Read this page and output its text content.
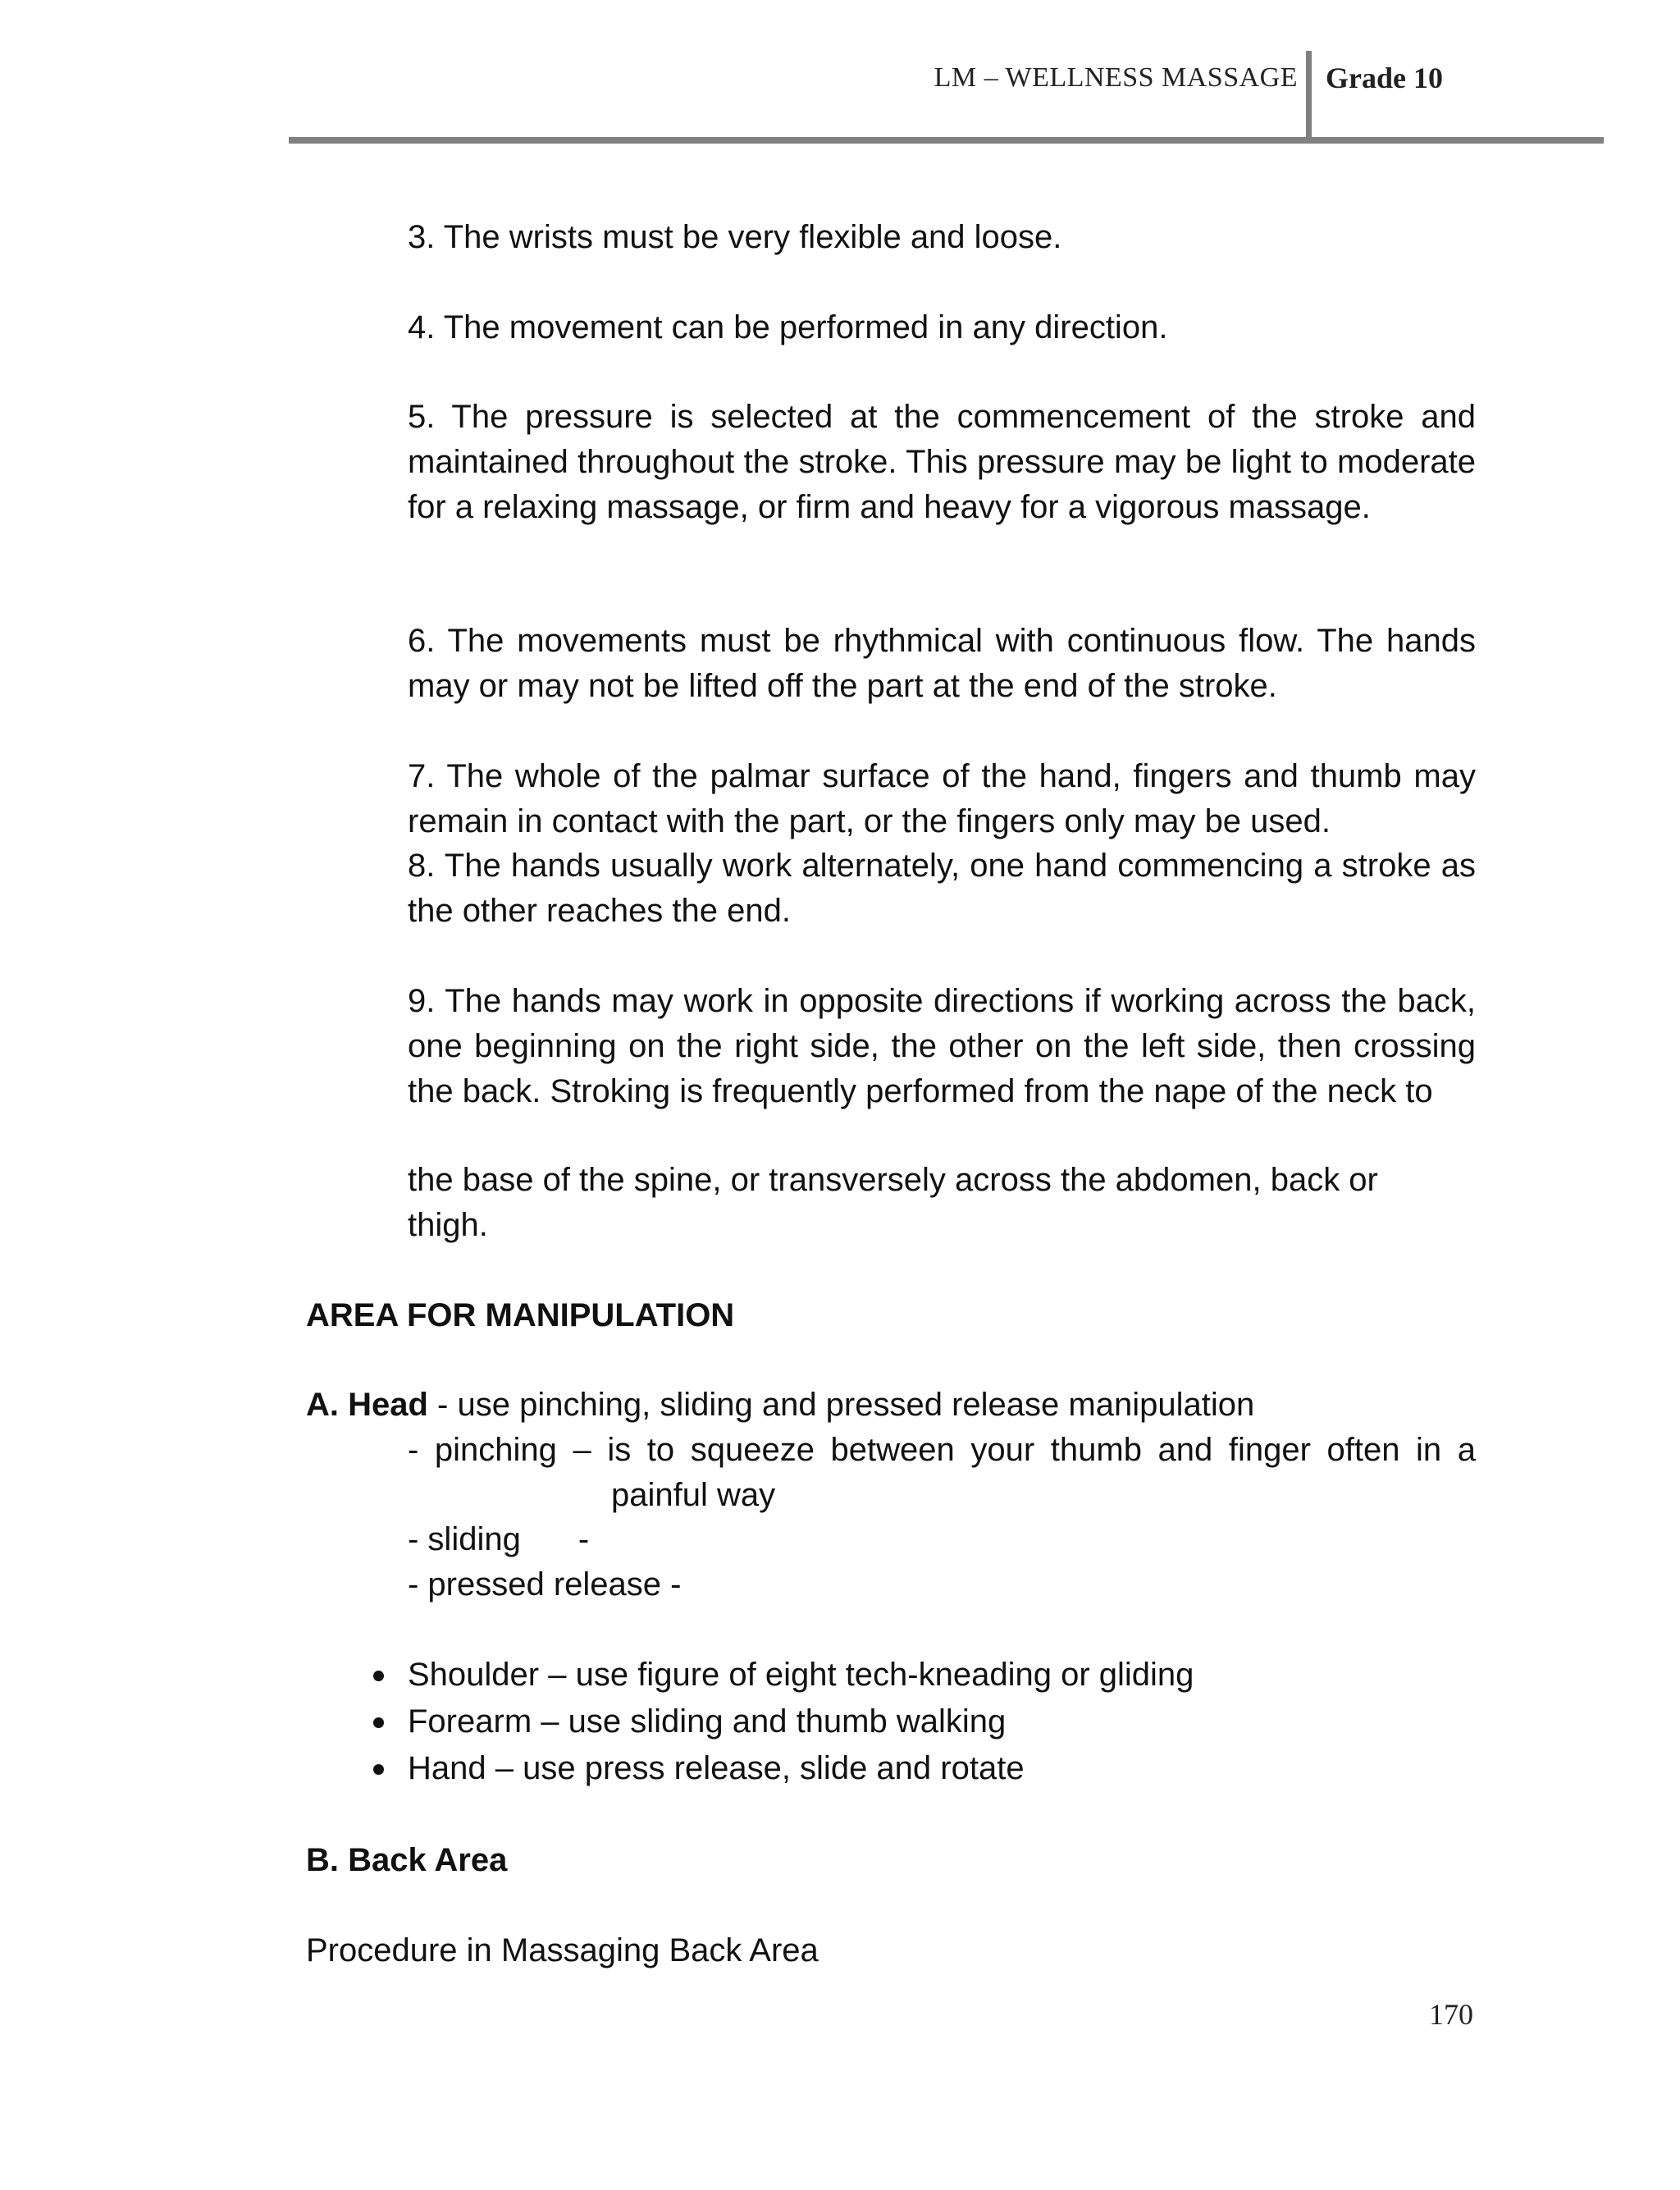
LM – WELLNESS MASSAGE Grade 10
3. The wrists must be very flexible and loose.
4. The movement can be performed in any direction.
5. The pressure is selected at the commencement of the stroke and maintained throughout the stroke. This pressure may be light to moderate for a relaxing massage, or firm and heavy for a vigorous massage.
6. The movements must be rhythmical with continuous flow. The hands may or may not be lifted off the part at the end of the stroke.
7. The whole of the palmar surface of the hand, fingers and thumb may remain in contact with the part, or the fingers only may be used.
8. The hands usually work alternately, one hand commencing a stroke as the other reaches the end.
9. The hands may work in opposite directions if working across the back, one beginning on the right side, the other on the left side, then crossing the back. Stroking is frequently performed from the nape of the neck to
the base of the spine, or transversely across the abdomen, back or thigh.
AREA FOR MANIPULATION
A. Head - use pinching, sliding and pressed release manipulation
- pinching – is to squeeze between your thumb and finger often in a
painful way
- sliding -
- pressed release -
Shoulder – use figure of eight tech-kneading or gliding
Forearm – use sliding and thumb walking
Hand – use press release, slide and rotate
B. Back Area
Procedure in Massaging Back Area
170
